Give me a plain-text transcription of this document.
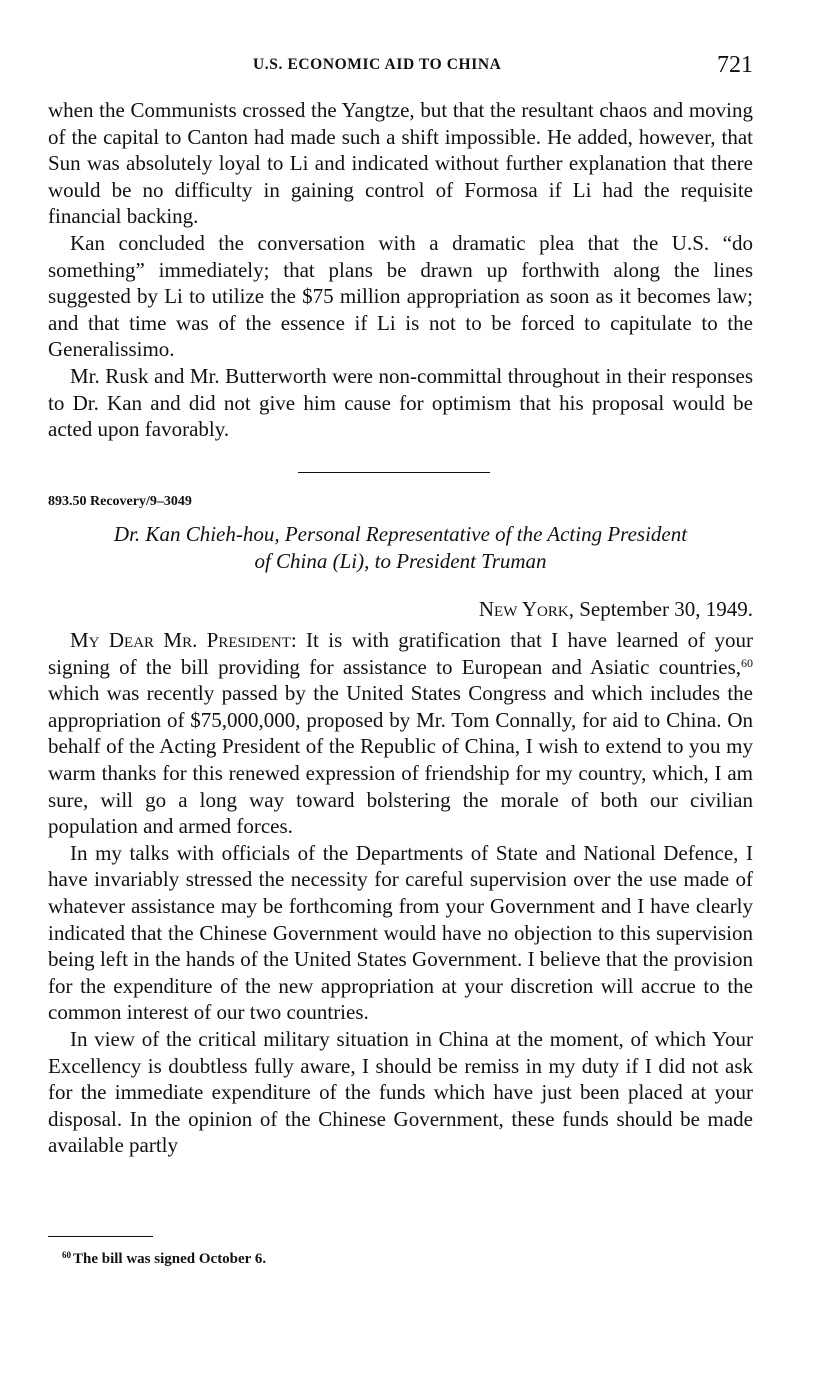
U.S. ECONOMIC AID TO CHINA	721

when the Communists crossed the Yangtze, but that the resultant chaos and moving of the capital to Canton had made such a shift impossible. He added, however, that Sun was absolutely loyal to Li and indicated without further explanation that there would be no difficulty in gaining control of Formosa if Li had the requisite financial backing.

Kan concluded the conversation with a dramatic plea that the U.S. “do something” immediately; that plans be drawn up forthwith along the lines suggested by Li to utilize the $75 million appropriation as soon as it becomes law; and that time was of the essence if Li is not to be forced to capitulate to the Generalissimo.

Mr. Rusk and Mr. Butterworth were non-committal throughout in their responses to Dr. Kan and did not give him cause for optimism that his proposal would be acted upon favorably.

893.50 Recovery/9–3049
Dr. Kan Chieh-hou, Personal Representative of the Acting President
of China (Li), to President Truman
New York, September 30, 1949.

My Dear Mr. President: It is with gratification that I have learned of your signing of the bill providing for assistance to European and Asiatic countries,$^{60}$ which was recently passed by the United States Congress and which includes the appropriation of $75,000,000, proposed by Mr. Tom Connally, for aid to China. On behalf of the Acting President of the Republic of China, I wish to extend to you my warm thanks for this renewed expression of friendship for my country, which, I am sure, will go a long way toward bolstering the morale of both our civilian population and armed forces.

In my talks with officials of the Departments of State and National Defence, I have invariably stressed the necessity for careful supervision over the use made of whatever assistance may be forthcoming from your Government and I have clearly indicated that the Chinese Government would have no objection to this supervision being left in the hands of the United States Government. I believe that the provision for the expenditure of the new appropriation at your discretion will accrue to the common interest of our two countries.

In view of the critical military situation in China at the moment, of which Your Excellency is doubtless fully aware, I should be remiss in my duty if I did not ask for the immediate expenditure of the funds which have just been placed at your disposal. In the opinion of the Chinese Government, these funds should be made available partly

$^{60}$ The bill was signed October 6.
